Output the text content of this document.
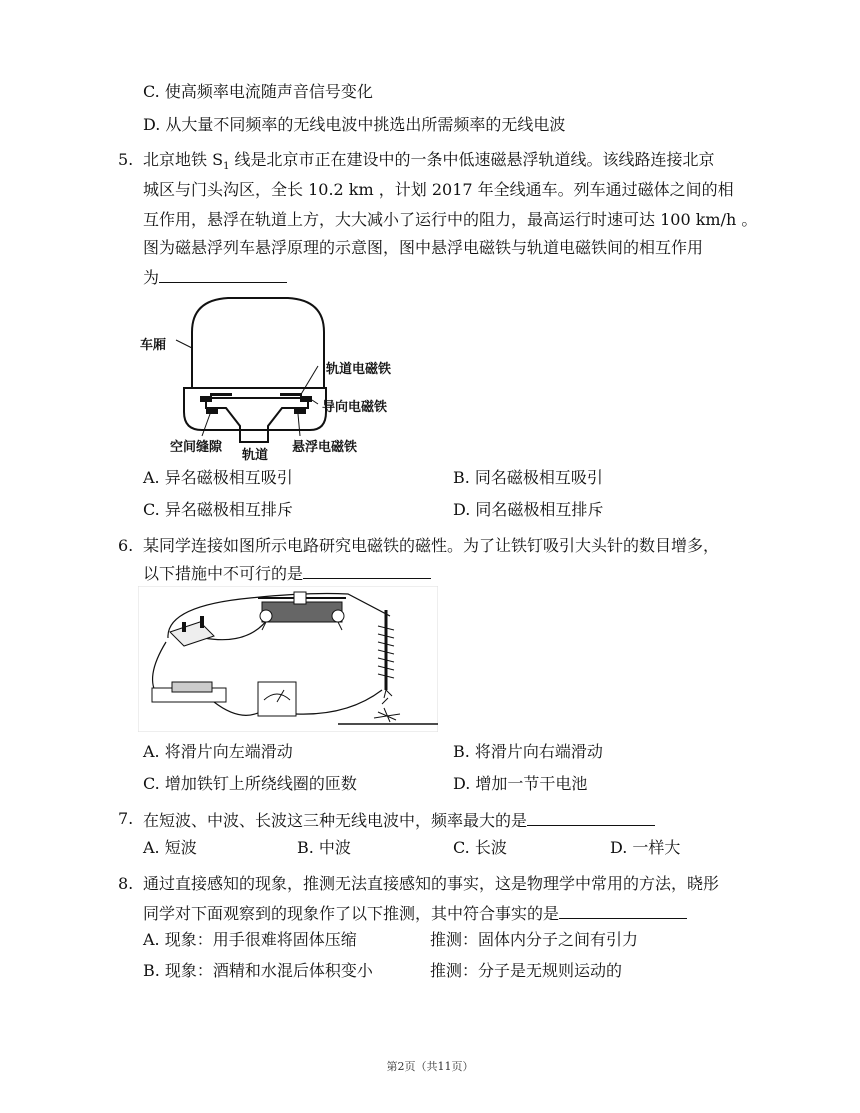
C. 使高频率电流随声音信号变化
D. 从大量不同频率的无线电波中挑选出所需频率的无线电波
5. 北京地铁 $S_1$ 线是北京市正在建设中的一条中低速磁悬浮轨道线。该线路连接北京
城区与门头沟区，全长 10.2 km ，计划 2017 年全线通车。列车通过磁体之间的相
互作用，悬浮在轨道上方，大大减小了运行中的阻力，最高运行时速可达 100 km/h 。
图为磁悬浮列车悬浮原理的示意图，图中悬浮电磁铁与轨道电磁铁间的相互作用
为
车厢
轨道电磁铁
导向电磁铁
空间缝隙
轨道
悬浮电磁铁
A. 异名磁极相互吸引	B. 同名磁极相互吸引
C. 异名磁极相互排斥	D. 同名磁极相互排斥
6. 某同学连接如图所示电路研究电磁铁的磁性。为了让铁钉吸引大头针的数目增多，
以下措施中不可行的是
A. 将滑片向左端滑动	B. 将滑片向右端滑动
C. 增加铁钉上所绕线圈的匝数	D. 增加一节干电池
7. 在短波、中波、长波这三种无线电波中，频率最大的是
A. 短波	B. 中波	C. 长波	D. 一样大
8. 通过直接感知的现象，推测无法直接感知的事实，这是物理学中常用的方法，晓彤
同学对下面观察到的现象作了以下推测，其中符合事实的是
A. 现象：用手很难将固体压缩	推测：固体内分子之间有引力
B. 现象：酒精和水混后体积变小	推测：分子是无规则运动的
第2页（共11页）
